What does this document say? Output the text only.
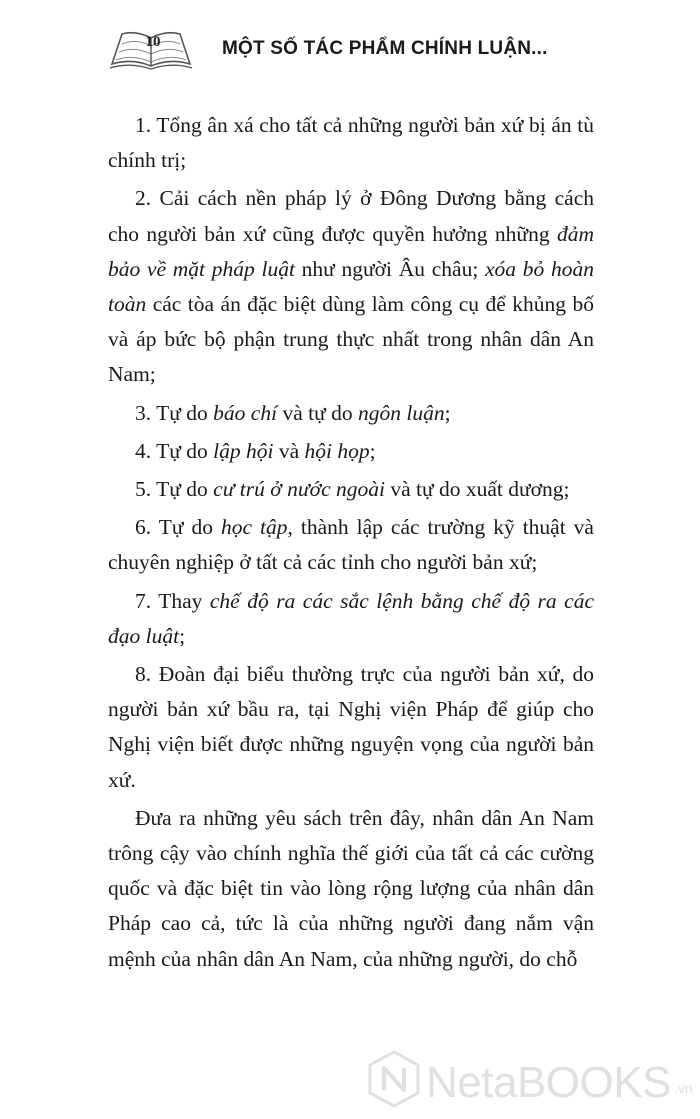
10	MỘT SỐ TÁC PHẨM CHÍNH LUẬN...

1. Tổng ân xá cho tất cả những người bản xứ bị án tù chính trị;

2. Cải cách nền pháp lý ở Đông Dương bằng cách cho người bản xứ cũng được quyền hưởng những đảm bảo về mặt pháp luật như người Âu châu; xóa bỏ hoàn toàn các tòa án đặc biệt dùng làm công cụ để khủng bố và áp bức bộ phận trung thực nhất trong nhân dân An Nam;

3. Tự do báo chí và tự do ngôn luận;

4. Tự do lập hội và hội họp;

5. Tự do cư trú ở nước ngoài và tự do xuất dương;

6. Tự do học tập, thành lập các trường kỹ thuật và chuyên nghiệp ở tất cả các tỉnh cho người bản xứ;

7. Thay chế độ ra các sắc lệnh bằng chế độ ra các đạo luật;

8. Đoàn đại biểu thường trực của người bản xứ, do người bản xứ bầu ra, tại Nghị viện Pháp để giúp cho Nghị viện biết được những nguyện vọng của người bản xứ.

Đưa ra những yêu sách trên đây, nhân dân An Nam trông cậy vào chính nghĩa thế giới của tất cả các cường quốc và đặc biệt tin vào lòng rộng lượng của nhân dân Pháp cao cả, tức là của những người đang nắm vận mệnh của nhân dân An Nam, của những người, do chỗ

NetaBOOKS .vn
